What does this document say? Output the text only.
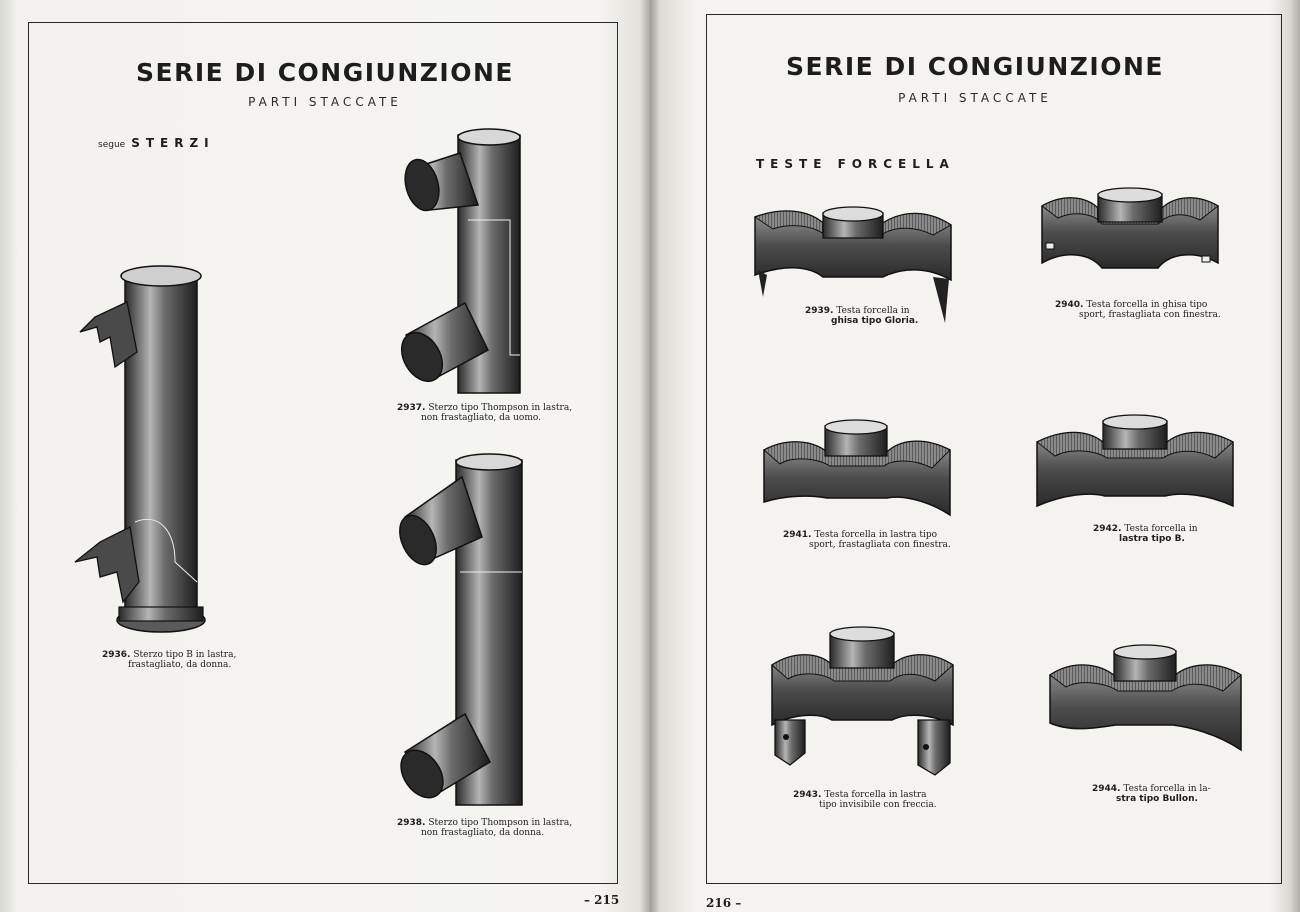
SERIE DI CONGIUNZIONE
PARTI STACCATE
segue STERZI
2937. Sterzo tipo Thompson in lastra,
non frastagliato, da uomo.
2936. Sterzo tipo B in lastra,
frastagliato, da donna.
2938. Sterzo tipo Thompson in lastra,
non frastagliato, da donna.
– 215
SERIE DI CONGIUNZIONE
PARTI STACCATE
TESTE FORCELLA
2939. Testa forcella in
ghisa tipo Gloria.
2940. Testa forcella in ghisa tipo
sport, frastagliata con finestra.
2941. Testa forcella in lastra tipo
sport, frastagliata con finestra.
2942. Testa forcella in
lastra tipo B.
2943. Testa forcella in lastra
tipo invisibile con freccia.
2944. Testa forcella in la-
stra tipo Bullon.
216 –
